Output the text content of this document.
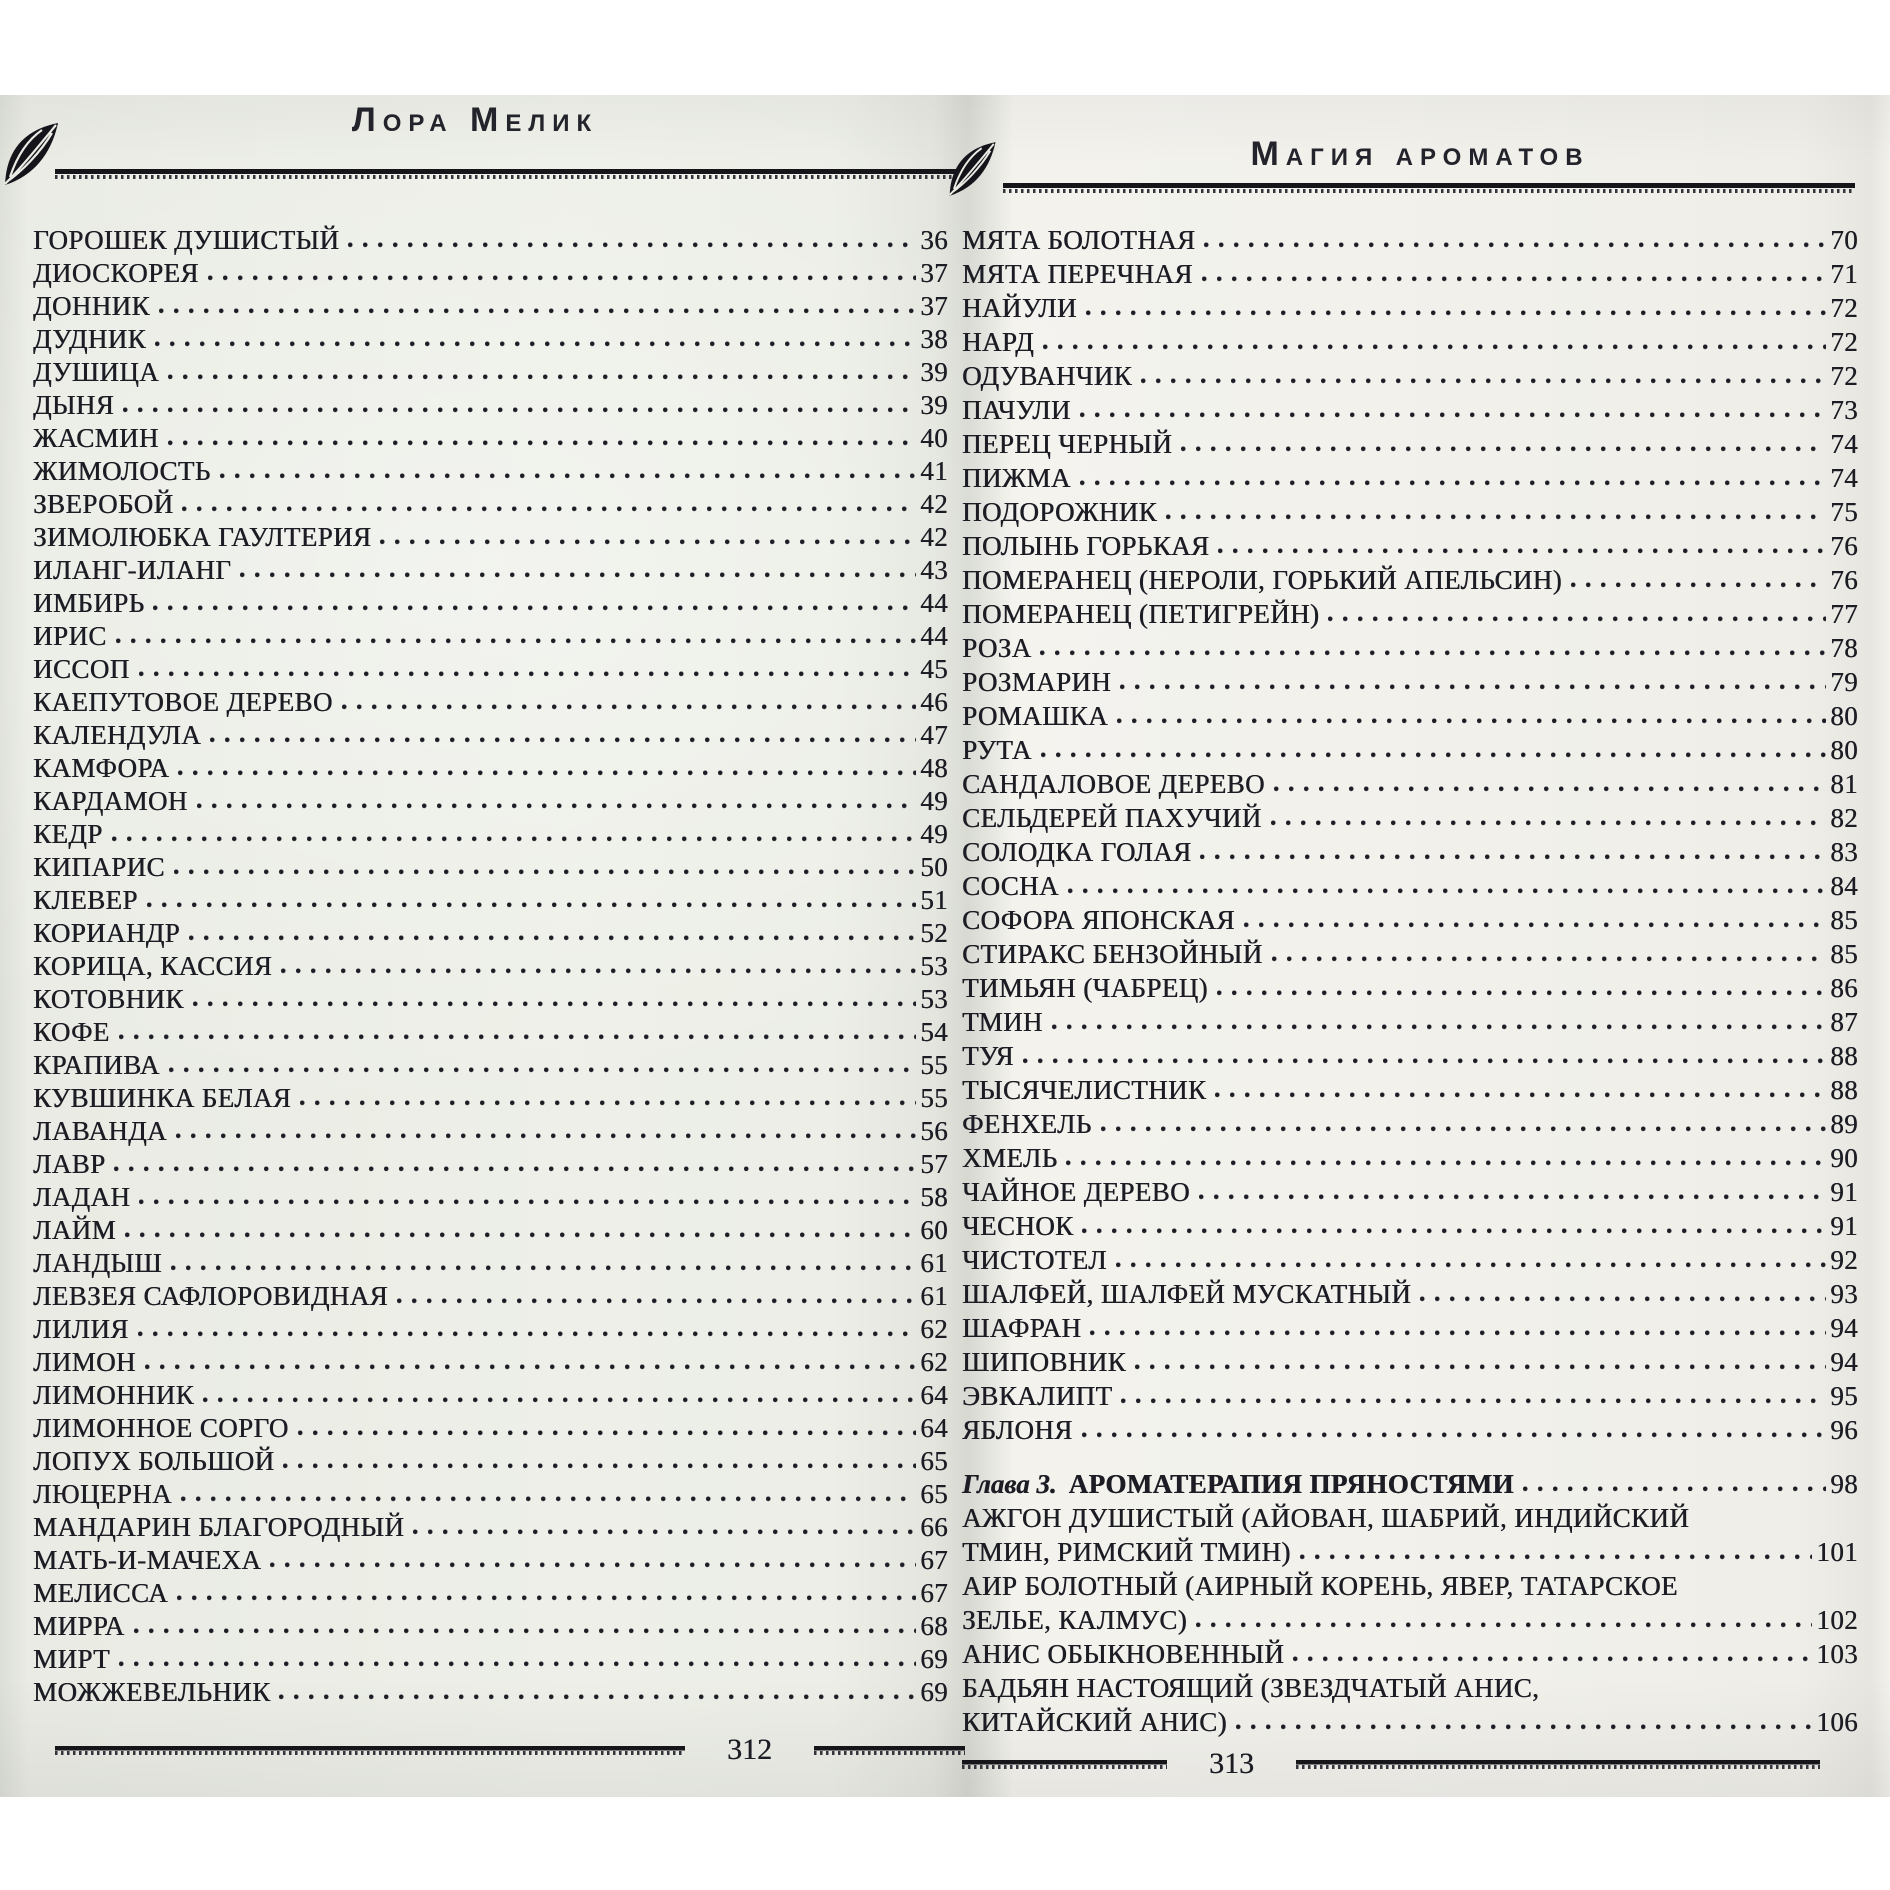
Лора Мелик
ГОРОШЕК ДУШИСТЫЙ	36
ДИОСКОРЕЯ	37
ДОННИК	37
ДУДНИК	38
ДУШИЦА	39
ДЫНЯ	39
ЖАСМИН	40
ЖИМОЛОСТЬ	41
ЗВЕРОБОЙ	42
ЗИМОЛЮБКА ГАУЛТЕРИЯ	42
ИЛАНГ-ИЛАНГ	43
ИМБИРЬ	44
ИРИС	44
ИССОП	45
КАЕПУТОВОЕ ДЕРЕВО	46
КАЛЕНДУЛА	47
КАМФОРА	48
КАРДАМОН	49
КЕДР	49
КИПАРИС	50
КЛЕВЕР	51
КОРИАНДР	52
КОРИЦА, КАССИЯ	53
КОТОВНИК	53
КОФЕ	54
КРАПИВА	55
КУВШИНКА БЕЛАЯ	55
ЛАВАНДА	56
ЛАВР	57
ЛАДАН	58
ЛАЙМ	60
ЛАНДЫШ	61
ЛЕВЗЕЯ САФЛОРОВИДНАЯ	61
ЛИЛИЯ	62
ЛИМОН	62
ЛИМОННИК	64
ЛИМОННОЕ СОРГО	64
ЛОПУХ БОЛЬШОЙ	65
ЛЮЦЕРНА	65
МАНДАРИН БЛАГОРОДНЫЙ	66
МАТЬ-И-МАЧЕХА	67
МЕЛИССА	67
МИРРА	68
МИРТ	69
МОЖЖЕВЕЛЬНИК	69
312
Магия ароматов
МЯТА БОЛОТНАЯ	70
МЯТА ПЕРЕЧНАЯ	71
НАЙУЛИ	72
НАРД	72
ОДУВАНЧИК	72
ПАЧУЛИ	73
ПЕРЕЦ ЧЕРНЫЙ	74
ПИЖМА	74
ПОДОРОЖНИК	75
ПОЛЫНЬ ГОРЬКАЯ	76
ПОМЕРАНЕЦ (НЕРОЛИ, ГОРЬКИЙ АПЕЛЬСИН)	76
ПОМЕРАНЕЦ (ПЕТИГРЕЙН)	77
РОЗА	78
РОЗМАРИН	79
РОМАШКА	80
РУТА	80
САНДАЛОВОЕ ДЕРЕВО	81
СЕЛЬДЕРЕЙ ПАХУЧИЙ	82
СОЛОДКА ГОЛАЯ	83
СОСНА	84
СОФОРА ЯПОНСКАЯ	85
СТИРАКС БЕНЗОЙНЫЙ	85
ТИМЬЯН (ЧАБРЕЦ)	86
ТМИН	87
ТУЯ	88
ТЫСЯЧЕЛИСТНИК	88
ФЕНХЕЛЬ	89
ХМЕЛЬ	90
ЧАЙНОЕ ДЕРЕВО	91
ЧЕСНОК	91
ЧИСТОТЕЛ	92
ШАЛФЕЙ, ШАЛФЕЙ МУСКАТНЫЙ	93
ШАФРАН	94
ШИПОВНИК	94
ЭВКАЛИПТ	95
ЯБЛОНЯ	96
Глава 3. АРОМАТЕРАПИЯ ПРЯНОСТЯМИ	98
АЖГОН ДУШИСТЫЙ (АЙОВАН, ШАБРИЙ, ИНДИЙСКИЙ
ТМИН, РИМСКИЙ ТМИН)	101
АИР БОЛОТНЫЙ (АИРНЫЙ КОРЕНЬ, ЯВЕР, ТАТАРСКОЕ
ЗЕЛЬЕ, КАЛМУС)	102
АНИС ОБЫКНОВЕННЫЙ	103
БАДЬЯН НАСТОЯЩИЙ (ЗВЕЗДЧАТЫЙ АНИС,
КИТАЙСКИЙ АНИС)	106
313
